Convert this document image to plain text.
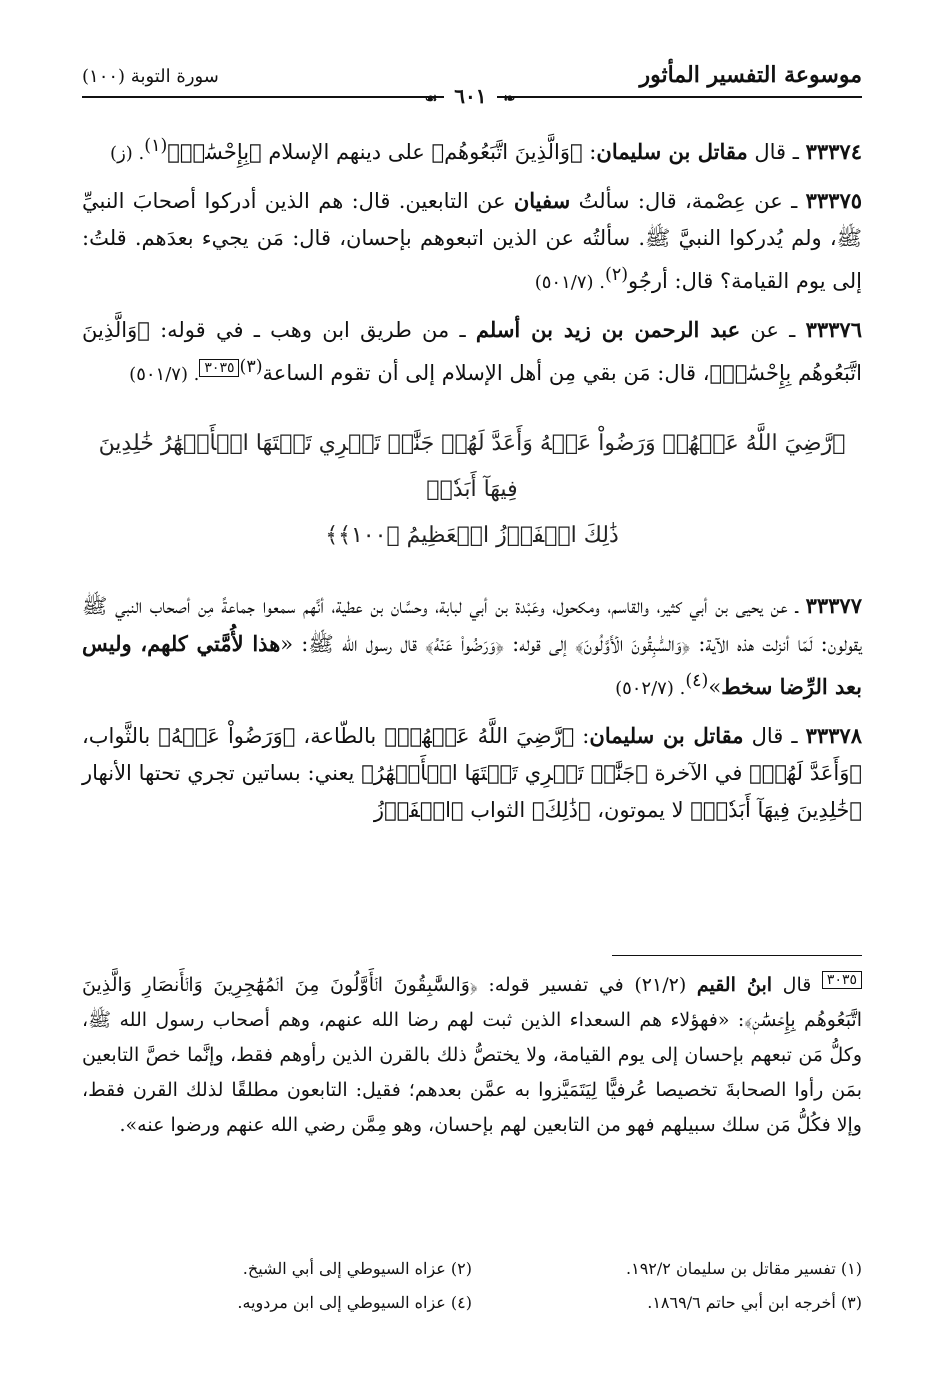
موسوعة التفسير المأثور
سورة التوبة (١٠٠)
❧ ٦٠١ ☙

٣٣٣٧٤ ـ قال مقاتل بن سليمان: ﴿وَالَّذِينَ اتَّبَعُوهُم﴾ على دينهم الإسلام ﴿بِإِحْسَٰنٖ﴾$^{(١)}$. (ز)

٣٣٣٧٥ ـ عن عِصْمة، قال: سألتُ سفيان عن التابعين. قال: هم الذين أدركوا أصحابَ النبيِّ ﷺ، ولم يُدركوا النبيَّ ﷺ. سألتُه عن الذين اتبعوهم بإحسان، قال: مَن يجيء بعدَهم. قلتُ: إلى يوم القيامة؟ قال: أرجُو$^{(٢)}$. (٥٠١/٧)

٣٣٣٧٦ ـ عن عبد الرحمن بن زيد بن أسلم ـ من طريق ابن وهب ـ في قوله: ﴿وَالَّذِينَ اتَّبَعُوهُم بِإِحْسَٰنٖ﴾، قال: مَن بقي مِن أهل الإسلام إلى أن تقوم الساعة$^{(٣)}$٣٠٣٥. (٥٠١/٧)

﴿رَّضِيَ اللَّهُ عَنۡهُمۡ وَرَضُواْ عَنۡهُ وَأَعَدَّ لَهُمۡ جَنَّٰتٖ تَجۡرِي تَحۡتَهَا الۡأَنۡهَٰرُ خَٰلِدِينَ فِيهَآ أَبَدٗاۚ
ذَٰلِكَ الۡفَوۡزُ الۡعَظِيمُ ﴿١٠٠﴾﴾

٣٣٣٧٧ ـ عن يحيى بن أبي كثير، والقاسم، ومكحول، وعَبْدة بن أبي لبابة، وحسَّان بن عطية، أنَّهم سمعوا جماعةً مِن أصحاب النبي ﷺ يقولون: لَمّا أنزلت هذه الآية: ﴿وَالسَّٰبِقُونَ الۡأَوَّلُونَ﴾ إلى قوله: ﴿وَرَضُواْ عَنۡهُ﴾ قال رسول الله ﷺ: «هذا لأُمَّتي كلهم، وليس بعد الرِّضا سخط»$^{(٤)}$. (٥٠٢/٧)

٣٣٣٧٨ ـ قال مقاتل بن سليمان: ﴿رَّضِيَ اللَّهُ عَنۡهُمۡ﴾ بالطّاعة، ﴿وَرَضُواْ عَنۡهُ﴾ بالثَّواب، ﴿وَأَعَدَّ لَهُمۡ﴾ في الآخرة ﴿جَنَّٰتٖ تَجۡرِي تَحۡتَهَا الۡأَنۡهَٰرُ﴾ يعني: بساتين تجري تحتها الأنهار ﴿خَٰلِدِينَ فِيهَآ أَبَدٗاۚ﴾ لا يموتون، ﴿ذَٰلِكَ﴾ الثواب ﴿الۡفَوۡزُ

٣٠٣٥ قال ابنُ القيم (٢١/٢) في تفسير قوله: ﴿وَالسَّٰبِقُونَ الۡأَوَّلُونَ مِنَ الۡمُهَٰجِرِينَ وَالۡأَنصَارِ وَالَّذِينَ اتَّبَعُوهُم بِإِحۡسَٰنٖ﴾: «فهؤلاء هم السعداء الذين ثبت لهم رضا الله عنهم، وهم أصحاب رسول الله ﷺ، وكلُّ مَن تبعهم بإحسان إلى يوم القيامة، ولا يختصُّ ذلك بالقرن الذين رأوهم فقط، وإنَّما خصَّ التابعين بمَن رأوا الصحابةَ تخصيصا عُرفيًّا لِيَتَمَيَّزوا به عمَّن بعدهم؛ فقيل: التابعون مطلقًا لذلك القرن فقط، وإلا فكُلُّ مَن سلك سبيلهم فهو من التابعين لهم بإحسان، وهو مِمَّن رضي الله عنهم ورضوا عنه».
(١) تفسير مقاتل بن سليمان ١٩٢/٢.
(٢) عزاه السيوطي إلى أبي الشيخ.
(٣) أخرجه ابن أبي حاتم ١٨٦٩/٦.
(٤) عزاه السيوطي إلى ابن مردويه.
